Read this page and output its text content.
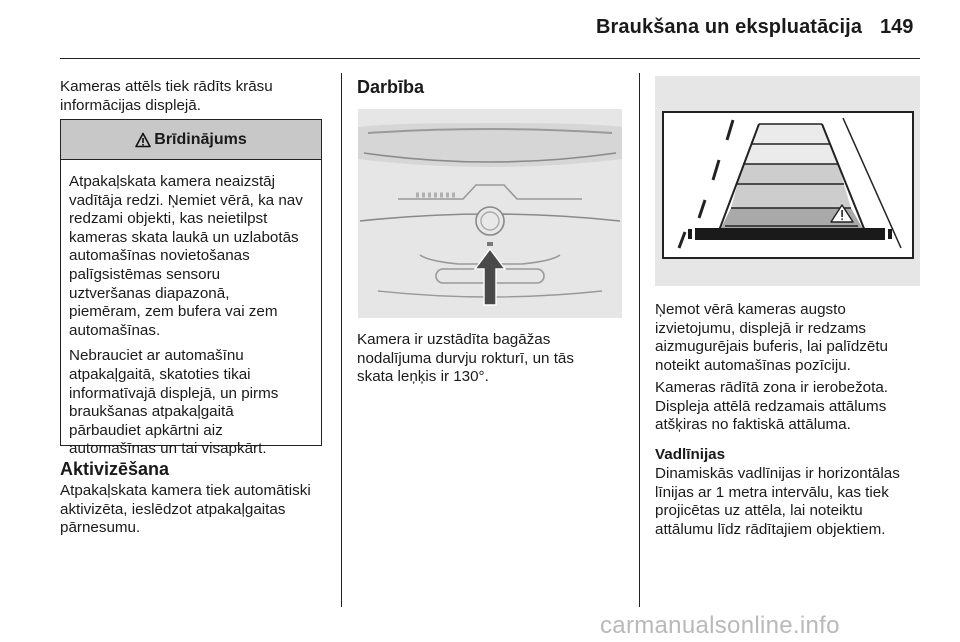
Braukšana un ekspluatācija 149

Kameras attēls tiek rādīts krāsu
informācijas displejā.

Brīdinājums

Atpakaļskata kamera neaizstāj
vadītāja redzi. Ņemiet vērā, ka nav
redzami objekti, kas neietilpst
kameras skata laukā un uzlabotās
automašīnas novietošanas
palīgsistēmas sensoru
uztveršanas diapazonā,
piemēram, zem bufera vai zem
automašīnas.

Nebrauciet ar automašīnu
atpakaļgaitā, skatoties tikai
informatīvajā displejā, un pirms
braukšanas atpakaļgaitā
pārbaudiet apkārtni aiz
automašīnas un tai visapkārt.

Aktivizēšana

Atpakaļskata kamera tiek automātiski
aktivizēta, ieslēdzot atpakaļgaitas
pārnesumu.

Darbība

Kamera ir uzstādīta bagāžas
nodalījuma durvju rokturī, un tās
skata leņķis ir 130°.

Ņemot vērā kameras augsto
izvietojumu, displejā ir redzams
aizmugurējais buferis, lai palīdzētu
noteikt automašīnas pozīciju.

Kameras rādītā zona ir ierobežota.
Displeja attēlā redzamais attālums
atšķiras no faktiskā attāluma.

Vadlīnijas

Dinamiskās vadlīnijas ir horizontālas
līnijas ar 1 metra intervālu, kas tiek
projicētas uz attēla, lai noteiktu
attālumu līdz rādītajiem objektiem.

carmanualsonline.info
